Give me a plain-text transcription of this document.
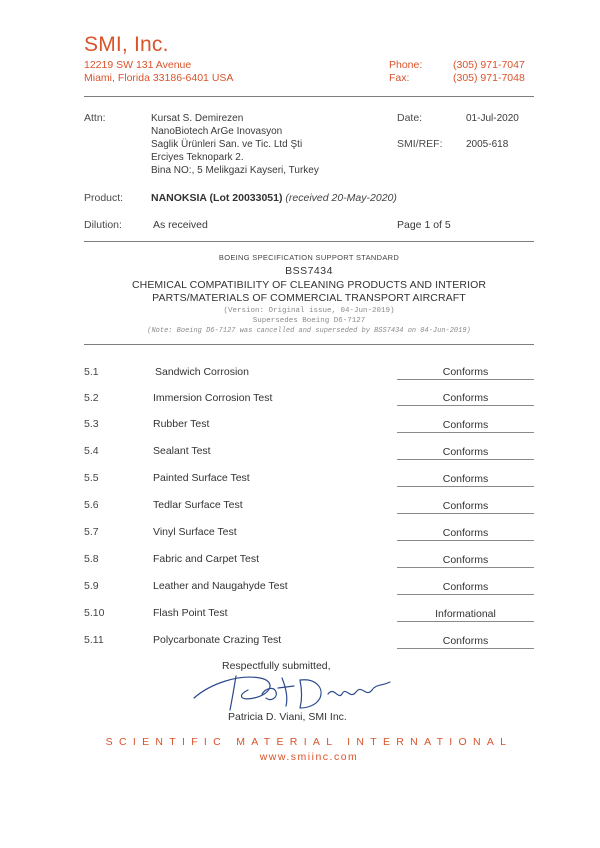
SMI, Inc.
12219 SW 131 Avenue
Miami, Florida 33186-6401 USA
Phone:	(305) 971-7047
Fax:	(305) 971-7048
Attn:	Kursat S. Demirezen
NanoBiotech ArGe Inovasyon
Saglik Ürünleri San. ve Tic. Ltd Şti
Erciyes Teknopark 2.
Bina NO:, 5 Melikgazi Kayseri, Turkey
Date:	01-Jul-2020
SMI/REF: 2005-618
Product:	NANOKSIA (Lot 20033051) (received 20-May-2020)
Dilution:	As received	Page 1 of 5
BOEING SPECIFICATION SUPPORT STANDARD
BSS7434
CHEMICAL COMPATIBILITY OF CLEANING PRODUCTS AND INTERIOR
PARTS/MATERIALS OF COMMERCIAL TRANSPORT AIRCRAFT
(Version: Original issue, 04-Jun-2019)
Supersedes Boeing D6-7127
(Note: Boeing D6-7127 was cancelled and superseded by BSS7434 on 04-Jun-2019)
5.1	Sandwich Corrosion	Conforms
5.2	Immersion Corrosion Test	Conforms
5.3	Rubber Test	Conforms
5.4	Sealant Test	Conforms
5.5	Painted Surface Test	Conforms
5.6	Tedlar Surface Test	Conforms
5.7	Vinyl Surface Test	Conforms
5.8	Fabric and Carpet Test	Conforms
5.9	Leather and Naugahyde Test	Conforms
5.10	Flash Point Test	Informational
5.11	Polycarbonate Crazing Test	Conforms
Respectfully submitted,
Patricia D. Viani, SMI Inc.
SCIENTIFIC MATERIAL INTERNATIONAL
www.smiinc.com
